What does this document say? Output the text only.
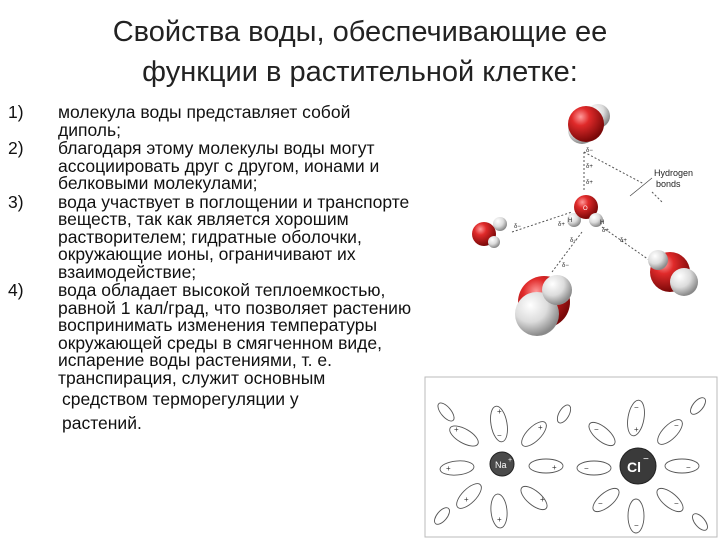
Свойства воды, обеспечивающие ее
функции в растительной клетке:
1) молекула воды представляет собой
диполь;
2) благодаря этому молекулы воды могут
ассоциировать друг с другом, ионами и
белковыми молекулами;
3) вода участвует в поглощении и транспорте
веществ, так как является хорошим
растворителем; гидратные оболочки,
окружающие ионы, ограничивают их
взаимодействие;
4) вода обладает высокой теплоемкостью,
равной 1 кал/град, что позволяет растению
воспринимать изменения температуры
окружающей среды в смягченном виде,
испарение воды растениями, т. е.
транспирация, служит основным
средством терморегуляции у
растений.
δ−
δ+
δ+
δ−	δ+
δ+
δ−	δ+
δ−
H
O
H
Hydrogen
bonds
+
−
+
+
+
+
+
+
+
−
+
−
−
−
−
−
−
−
Na +	Cl −
